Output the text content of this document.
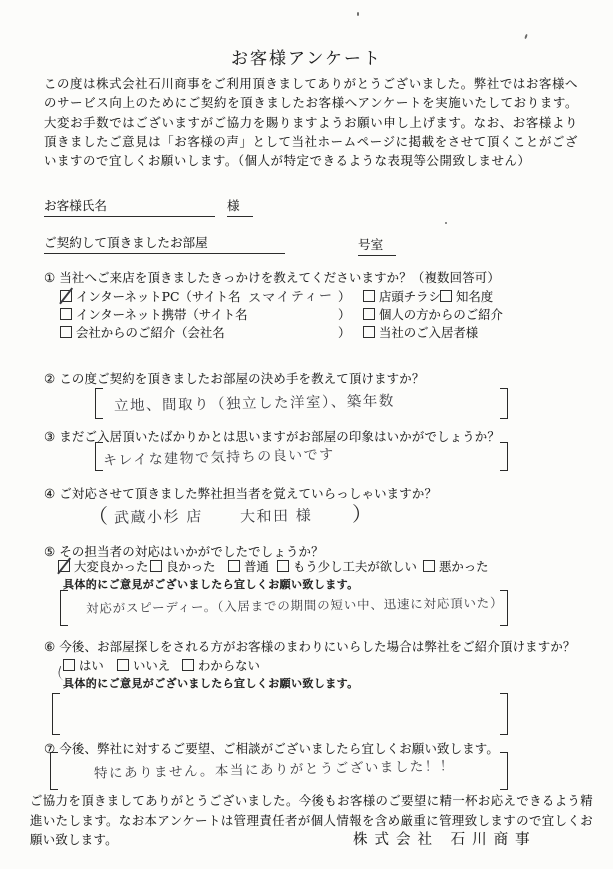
お客様アンケート
この度は株式会社石川商事をご利用頂きましてありがとうございました。弊社ではお客様へのサービス向上のためにご契約を頂きましたお客様へアンケートを実施いたしております。大変お手数ではございますがご協力を賜りますようお願い申し上げます。なお、お客様より頂きましたご意見は「お客様の声」として当社ホームページに掲載をさせて頂くことがございますので宜しくお願いします。（個人が特定できるような表現等公開致しません）
お客様氏名	様
ご契約して頂きましたお部屋	号室
① 当社へご来店を頂きましたきっかけを教えてくださいますか？（複数回答可）
インターネットPC（サイト名 スマイティー ）	店頭チラシ	知名度
インターネット携帯（サイト名	）	個人の方からのご紹介
会社からのご紹介（会社名	）	当社のご入居者様
② この度ご契約を頂きましたお部屋の決め手を教えて頂けますか？
立地、間取り（独立した洋室）、築年数
③ まだご入居頂いたばかりかとは思いますがお部屋の印象はいかがでしょうか？
キレイな建物で気持ちの良いです
④ ご対応させて頂きました弊社担当者を覚えていらっしゃいますか？
（ 武蔵小杉 店 大和田 様 ）
⑤ その担当者の対応はいかがでしたでしょうか？
大変良かった	良かった	普通	もう少し工夫が欲しい	悪かった
具体的にご意見がございましたら宜しくお願い致します。
対応がスピーディー。（入居までの期間の短い中、迅速に対応頂いた）
⑥ 今後、お部屋探しをされる方がお客様のまわりにいらした場合は弊社をご紹介頂けますか？
はい	いいえ	わからない
具体的にご意見がございましたら宜しくお願い致します。
⑦ 今後、弊社に対するご要望、ご相談がございましたら宜しくお願い致します。
特にありません。本当にありがとうございました！！
ご協力を頂きましてありがとうございました。今後もお客様のご要望に精一杯お応えできるよう精進いたします。なお本アンケートは管理責任者が個人情報を含め厳重に管理致しますので宜しくお願い致します。	株式会社 石川商事
